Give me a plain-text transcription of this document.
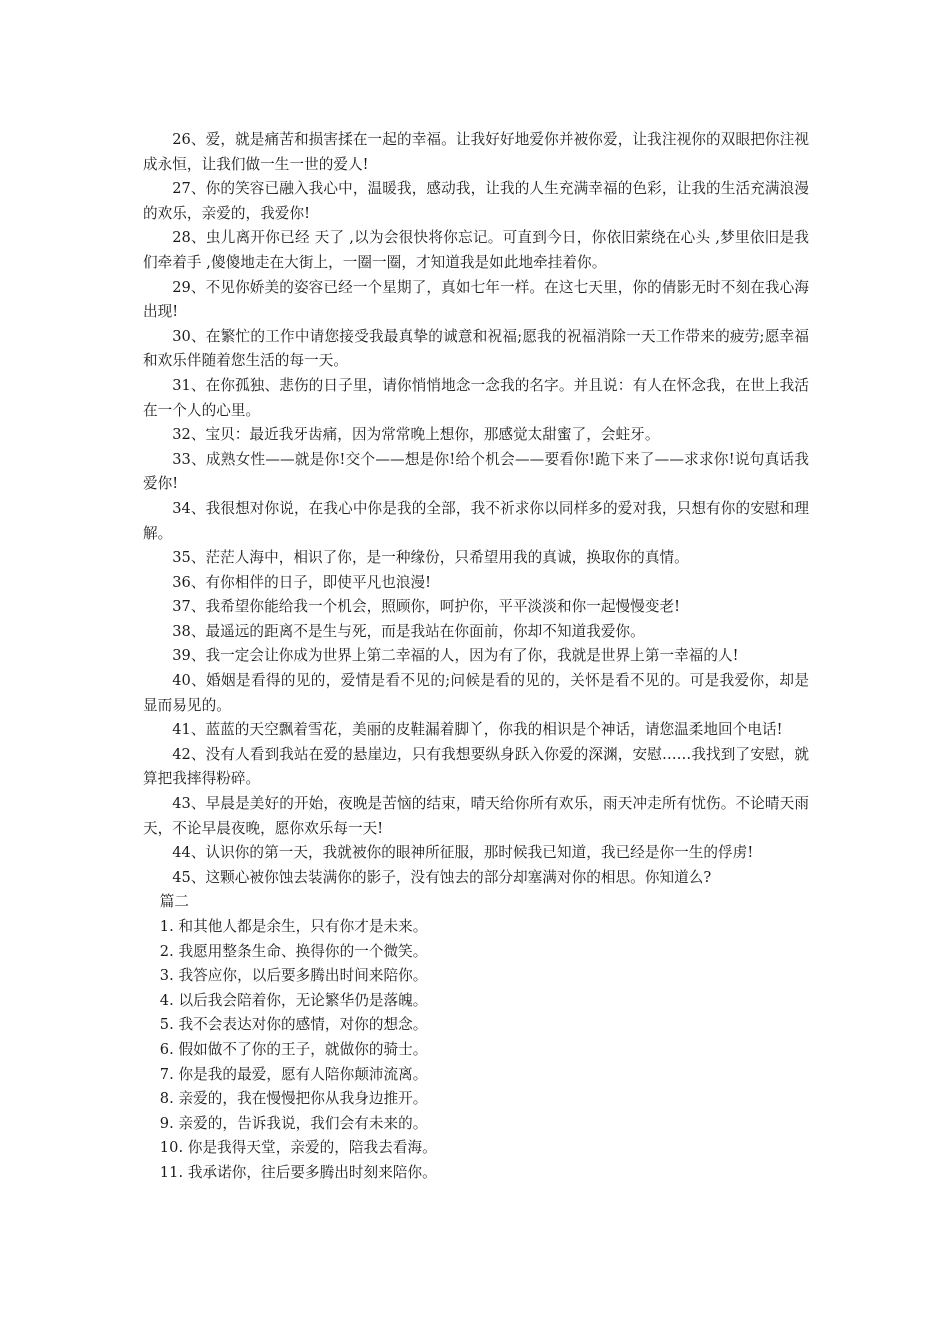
26、爱，就是痛苦和损害揉在一起的幸福。让我好好地爱你并被你爱，让我注视你的双眼把你注视成永恒，让我们做一生一世的爱人!

27、你的笑容已融入我心中，温暖我，感动我，让我的人生充满幸福的色彩，让我的生活充满浪漫的欢乐，亲爱的，我爱你!

28、虫儿离开你已经 天了 ,以为会很快将你忘记。可直到今日，你依旧萦绕在心头 ,梦里依旧是我们牵着手 ,傻傻地走在大街上，一圈一圈，才知道我是如此地牵挂着你。

29、不见你娇美的姿容已经一个星期了，真如七年一样。在这七天里，你的倩影无时不刻在我心海出现!

30、在繁忙的工作中请您接受我最真挚的诚意和祝福;愿我的祝福消除一天工作带来的疲劳;愿幸福和欢乐伴随着您生活的每一天。

31、在你孤独、悲伤的日子里，请你悄悄地念一念我的名字。并且说：有人在怀念我，在世上我活在一个人的心里。

32、宝贝：最近我牙齿痛，因为常常晚上想你，那感觉太甜蜜了，会蛀牙。

33、成熟女性——就是你!交个——想是你!给个机会——要看你!跪下来了——求求你!说句真话我爱你!

34、我很想对你说，在我心中你是我的全部，我不祈求你以同样多的爱对我，只想有你的安慰和理解。

35、茫茫人海中，相识了你，是一种缘份，只希望用我的真诚，换取你的真情。

36、有你相伴的日子，即使平凡也浪漫!

37、我希望你能给我一个机会，照顾你，呵护你，平平淡淡和你一起慢慢变老!

38、最遥远的距离不是生与死，而是我站在你面前，你却不知道我爱你。

39、我一定会让你成为世界上第二幸福的人，因为有了你，我就是世界上第一幸福的人!

40、婚姻是看得的见的，爱情是看不见的;问候是看的见的，关怀是看不见的。可是我爱你，却是显而易见的。

41、蓝蓝的天空飘着雪花，美丽的皮鞋漏着脚丫，你我的相识是个神话，请您温柔地回个电话!

42、没有人看到我站在爱的悬崖边，只有我想要纵身跃入你爱的深渊，安慰……我找到了安慰，就算把我摔得粉碎。

43、早晨是美好的开始，夜晚是苦恼的结束，晴天给你所有欢乐，雨天冲走所有忧伤。不论晴天雨天，不论早晨夜晚，愿你欢乐每一天!

44、认识你的第一天，我就被你的眼神所征服，那时候我已知道，我已经是你一生的俘虏!

45、这颗心被你蚀去装满你的影子，没有蚀去的部分却塞满对你的相思。你知道么?

篇二

1. 和其他人都是余生，只有你才是未来。

2. 我愿用整条生命、换得你的一个微笑。

3. 我答应你，以后要多腾出时间来陪你。

4. 以后我会陪着你，无论繁华仍是落魄。

5. 我不会表达对你的感情，对你的想念。

6. 假如做不了你的王子，就做你的骑士。

7. 你是我的最爱，愿有人陪你颠沛流离。

8. 亲爱的，我在慢慢把你从我身边推开。

9. 亲爱的，告诉我说，我们会有未来的。

10. 你是我得天堂，亲爱的，陪我去看海。

11. 我承诺你，往后要多腾出时刻来陪你。
